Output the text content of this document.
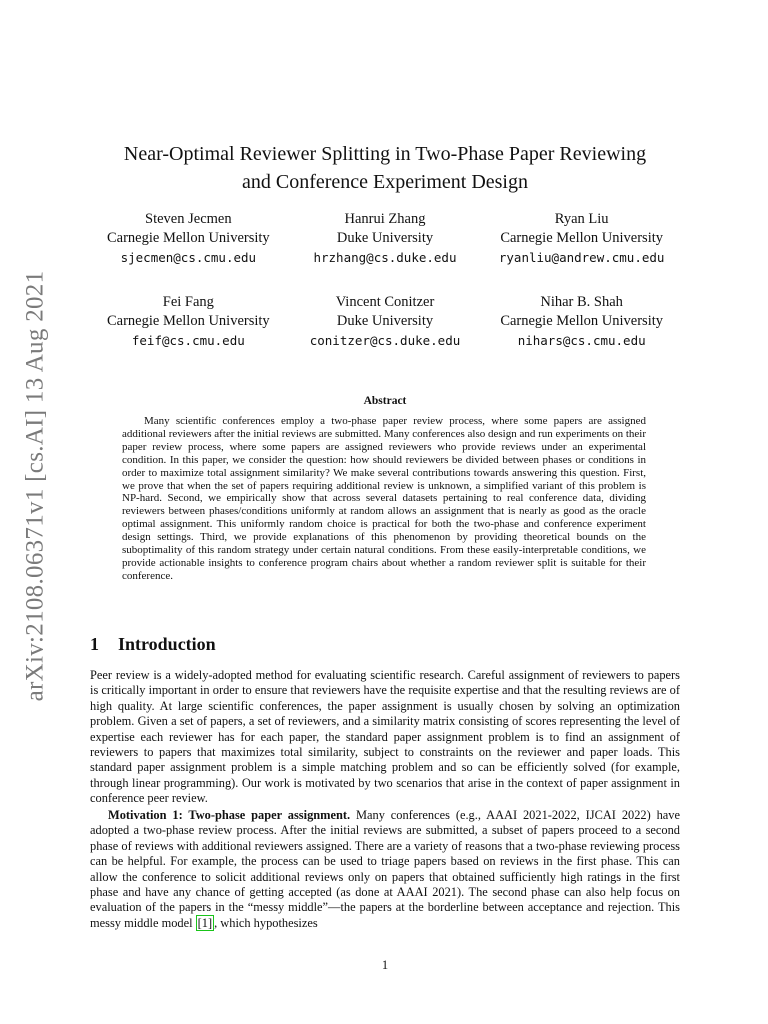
arXiv:2108.06371v1 [cs.AI] 13 Aug 2021
Near-Optimal Reviewer Splitting in Two-Phase Paper Reviewing
and Conference Experiment Design
Steven Jecmen
Carnegie Mellon University
sjecmen@cs.cmu.edu
Hanrui Zhang
Duke University
hrzhang@cs.duke.edu
Ryan Liu
Carnegie Mellon University
ryanliu@andrew.cmu.edu
Fei Fang
Carnegie Mellon University
feif@cs.cmu.edu
Vincent Conitzer
Duke University
conitzer@cs.duke.edu
Nihar B. Shah
Carnegie Mellon University
nihars@cs.cmu.edu
Abstract

Many scientific conferences employ a two-phase paper review process, where some papers are assigned additional reviewers after the initial reviews are submitted. Many conferences also design and run experiments on their paper review process, where some papers are assigned reviewers who provide reviews under an experimental condition. In this paper, we consider the question: how should reviewers be divided between phases or conditions in order to maximize total assignment similarity? We make several contributions towards answering this question. First, we prove that when the set of papers requiring additional review is unknown, a simplified variant of this problem is NP-hard. Second, we empirically show that across several datasets pertaining to real conference data, dividing reviewers between phases/conditions uniformly at random allows an assignment that is nearly as good as the oracle optimal assignment. This uniformly random choice is practical for both the two-phase and conference experiment design settings. Third, we provide explanations of this phenomenon by providing theoretical bounds on the suboptimality of this random strategy under certain natural conditions. From these easily-interpretable conditions, we provide actionable insights to conference program chairs about whether a random reviewer split is suitable for their conference.

1 Introduction

Peer review is a widely-adopted method for evaluating scientific research. Careful assignment of reviewers to papers is critically important in order to ensure that reviewers have the requisite expertise and that the resulting reviews are of high quality. At large scientific conferences, the paper assignment is usually chosen by solving an optimization problem. Given a set of papers, a set of reviewers, and a similarity matrix consisting of scores representing the level of expertise each reviewer has for each paper, the standard paper assignment problem is to find an assignment of reviewers to papers that maximizes total similarity, subject to constraints on the reviewer and paper loads. This standard paper assignment problem is a simple matching problem and so can be efficiently solved (for example, through linear programming). Our work is motivated by two scenarios that arise in the context of paper assignment in conference peer review.

Motivation 1: Two-phase paper assignment. Many conferences (e.g., AAAI 2021-2022, IJCAI 2022) have adopted a two-phase review process. After the initial reviews are submitted, a subset of papers proceed to a second phase of reviews with additional reviewers assigned. There are a variety of reasons that a two-phase reviewing process can be helpful. For example, the process can be used to triage papers based on reviews in the first phase. This can allow the conference to solicit additional reviews only on papers that obtained sufficiently high ratings in the first phase and have any chance of getting accepted (as done at AAAI 2021). The second phase can also help focus on evaluation of the papers in the “messy middle”—the papers at the borderline between acceptance and rejection. This messy middle model [1] , which hypothesizes

1
